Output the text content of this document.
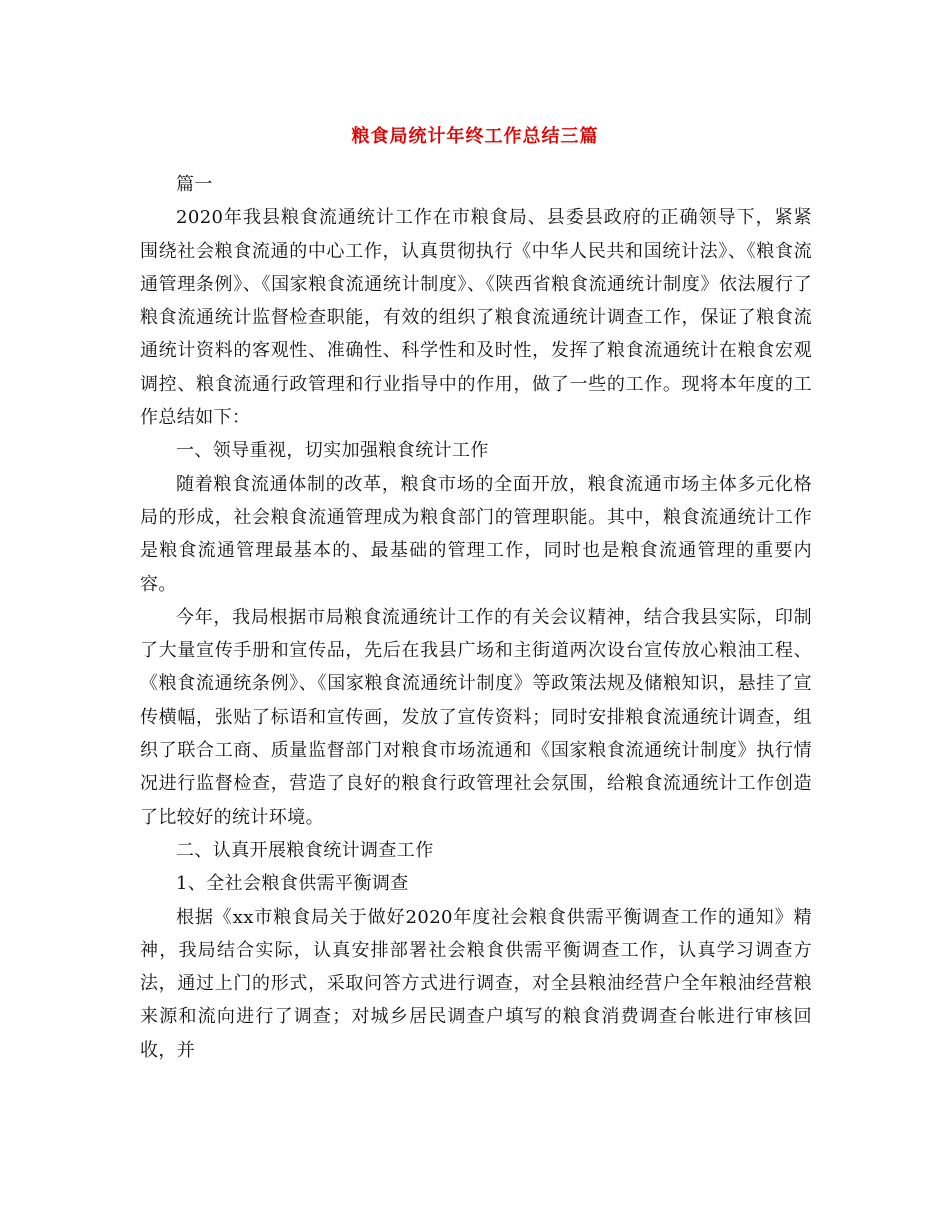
粮食局统计年终工作总结三篇

篇一

2020年我县粮食流通统计工作在市粮食局、县委县政府的正确领导下，紧紧围绕社会粮食流通的中心工作，认真贯彻执行《中华人民共和国统计法》、《粮食流通管理条例》、《国家粮食流通统计制度》、《陕西省粮食流通统计制度》依法履行了粮食流通统计监督检查职能，有效的组织了粮食流通统计调查工作，保证了粮食流通统计资料的客观性、准确性、科学性和及时性，发挥了粮食流通统计在粮食宏观调控、粮食流通行政管理和行业指导中的作用，做了一些的工作。现将本年度的工作总结如下：

一、领导重视，切实加强粮食统计工作

随着粮食流通体制的改革，粮食市场的全面开放，粮食流通市场主体多元化格局的形成，社会粮食流通管理成为粮食部门的管理职能。其中，粮食流通统计工作是粮食流通管理最基本的、最基础的管理工作，同时也是粮食流通管理的重要内容。

今年，我局根据市局粮食流通统计工作的有关会议精神，结合我县实际，印制了大量宣传手册和宣传品，先后在我县广场和主街道两次设台宣传放心粮油工程、《粮食流通统条例》、《国家粮食流通统计制度》等政策法规及储粮知识，悬挂了宣传横幅，张贴了标语和宣传画，发放了宣传资料；同时安排粮食流通统计调查，组织了联合工商、质量监督部门对粮食市场流通和《国家粮食流通统计制度》执行情况进行监督检查，营造了良好的粮食行政管理社会氛围，给粮食流通统计工作创造了比较好的统计环境。

二、认真开展粮食统计调查工作

1、全社会粮食供需平衡调查

根据《xx市粮食局关于做好2020年度社会粮食供需平衡调查工作的通知》精神，我局结合实际，认真安排部署社会粮食供需平衡调查工作，认真学习调查方法，通过上门的形式，采取问答方式进行调查，对全县粮油经营户全年粮油经营粮来源和流向进行了调查；对城乡居民调查户填写的粮食消费调查台帐进行审核回收，并
